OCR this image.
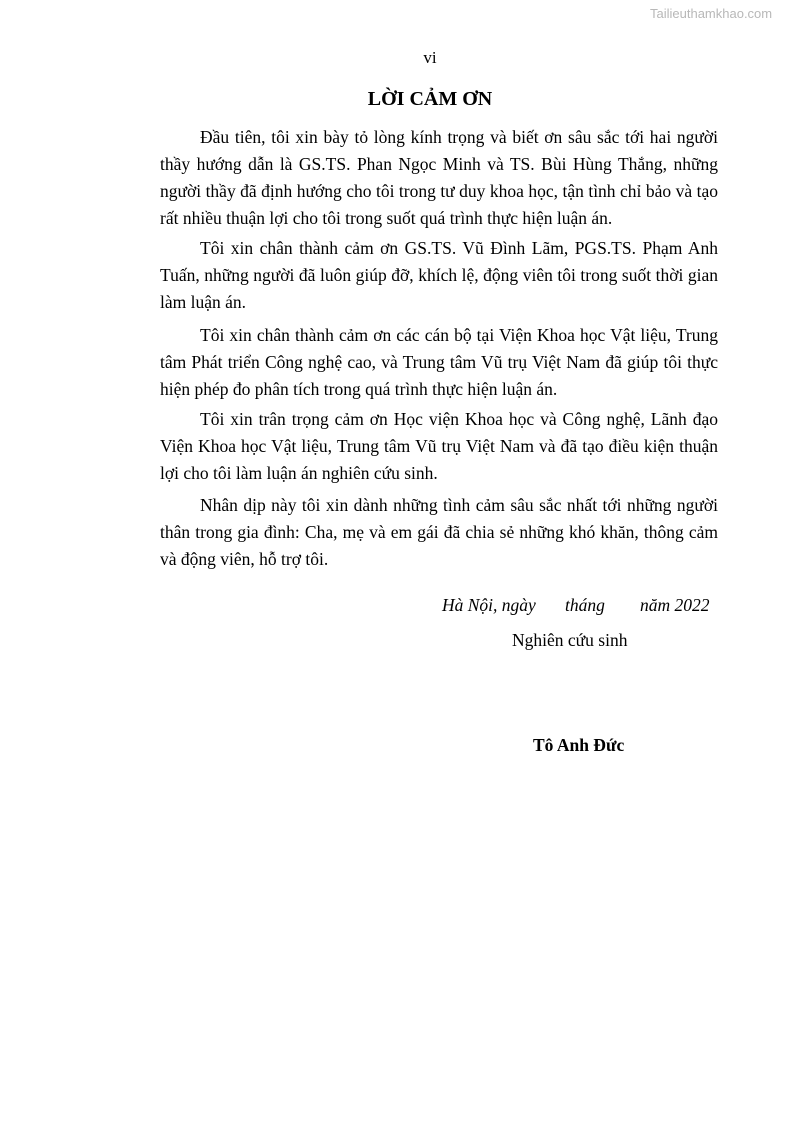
Tailieuthamkhao.com
vi
LỜI CẢM ƠN
Đầu tiên, tôi xin bày tỏ lòng kính trọng và biết ơn sâu sắc tới hai người
thầy hướng dẫn là GS.TS. Phan Ngọc Minh và TS. Bùi Hùng Thắng, những
người thầy đã định hướng cho tôi trong tư duy khoa học, tận tình chỉ bảo và tạo
rất nhiều thuận lợi cho tôi trong suốt quá trình thực hiện luận án.
Tôi xin chân thành cảm ơn GS.TS. Vũ Đình Lãm, PGS.TS. Phạm Anh
Tuấn, những người đã luôn giúp đỡ, khích lệ, động viên tôi trong suốt thời gian
làm luận án.
Tôi xin chân thành cảm ơn các cán bộ tại Viện Khoa học Vật liệu, Trung
tâm Phát triển Công nghệ cao, và Trung tâm Vũ trụ Việt Nam đã giúp tôi thực
hiện phép đo phân tích trong quá trình thực hiện luận án.
Tôi xin trân trọng cảm ơn Học viện Khoa học và Công nghệ, Lãnh đạo
Viện Khoa học Vật liệu, Trung tâm Vũ trụ Việt Nam và đã tạo điều kiện thuận
lợi cho tôi làm luận án nghiên cứu sinh.
Nhân dịp này tôi xin dành những tình cảm sâu sắc nhất tới những người
thân trong gia đình: Cha, mẹ và em gái đã chia sẻ những khó khăn, thông cảm
và động viên, hỗ trợ tôi.
Hà Nội, ngày tháng năm 2022
Nghiên cứu sinh
Tô Anh Đức
